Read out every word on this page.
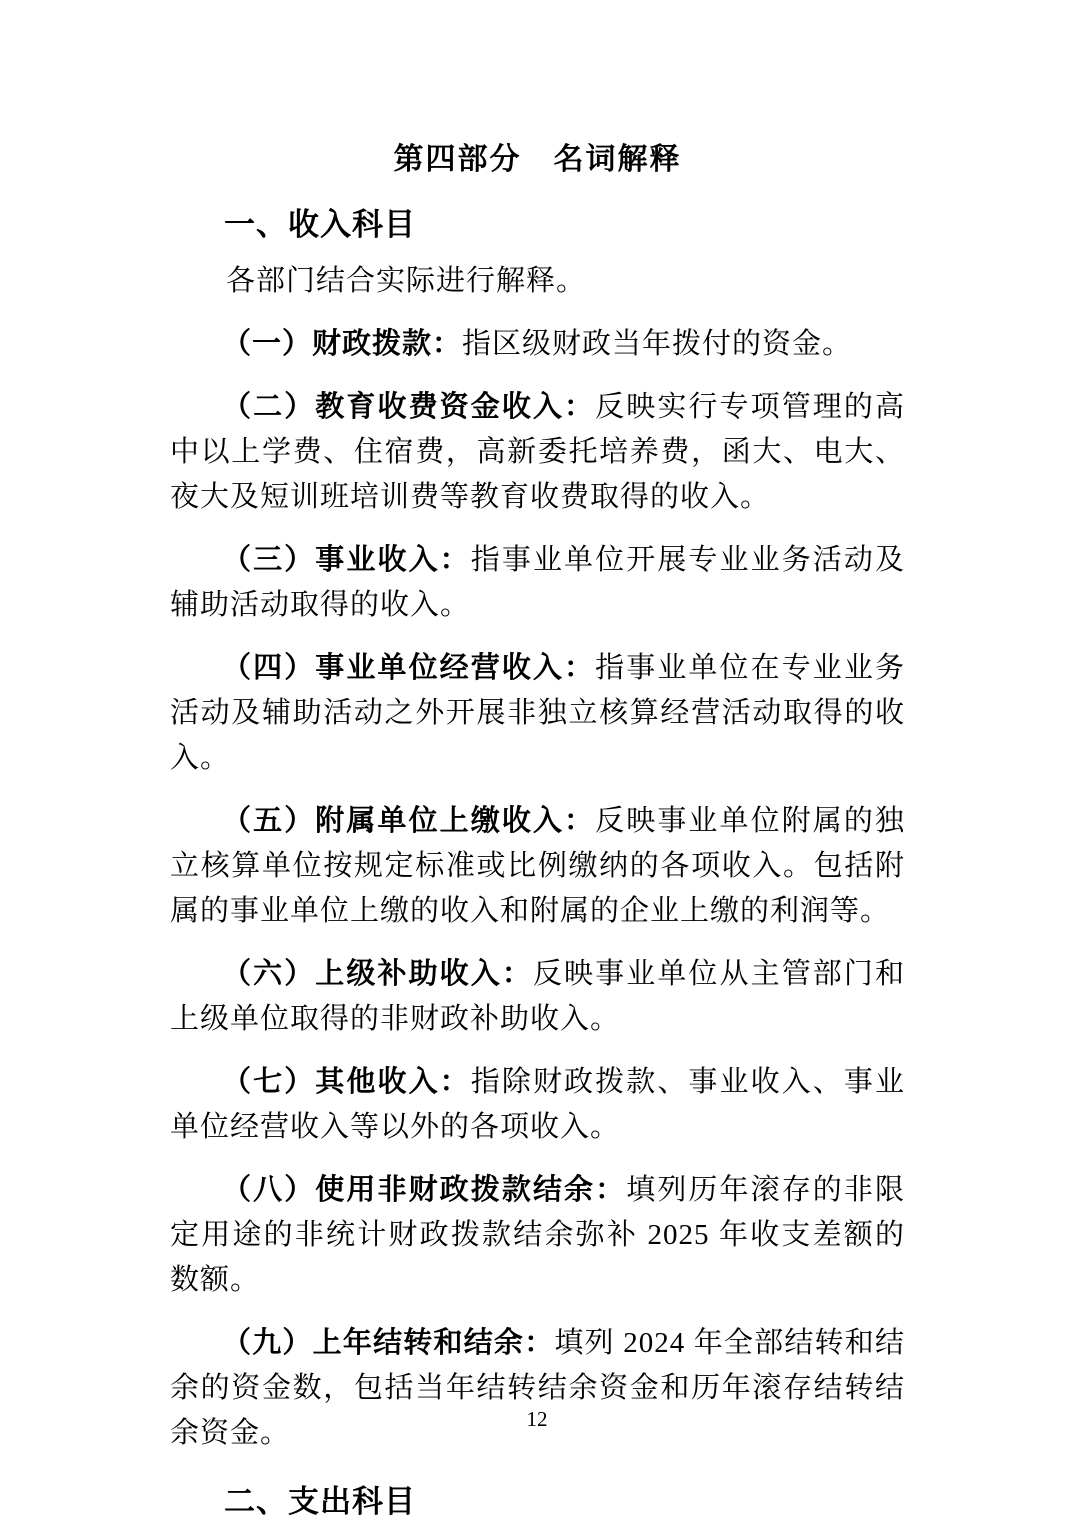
第四部分　名词解释
一、收入科目

各部门结合实际进行解释。

（一）财政拨款：指区级财政当年拨付的资金。

（二）教育收费资金收入：反映实行专项管理的高中以上学费、住宿费，高新委托培养费，函大、电大、夜大及短训班培训费等教育收费取得的收入。

（三）事业收入：指事业单位开展专业业务活动及辅助活动取得的收入。

（四）事业单位经营收入：指事业单位在专业业务活动及辅助活动之外开展非独立核算经营活动取得的收入。

（五）附属单位上缴收入：反映事业单位附属的独立核算单位按规定标准或比例缴纳的各项收入。包括附属的事业单位上缴的收入和附属的企业上缴的利润等。

（六）上级补助收入：反映事业单位从主管部门和上级单位取得的非财政补助收入。

（七）其他收入：指除财政拨款、事业收入、事业单位经营收入等以外的各项收入。

（八）使用非财政拨款结余：填列历年滚存的非限定用途的非统计财政拨款结余弥补 2025 年收支差额的数额。

（九）上年结转和结余：填列 2024 年全部结转和结余的资金数，包括当年结转结余资金和历年滚存结转结余资金。

二、支出科目
12
